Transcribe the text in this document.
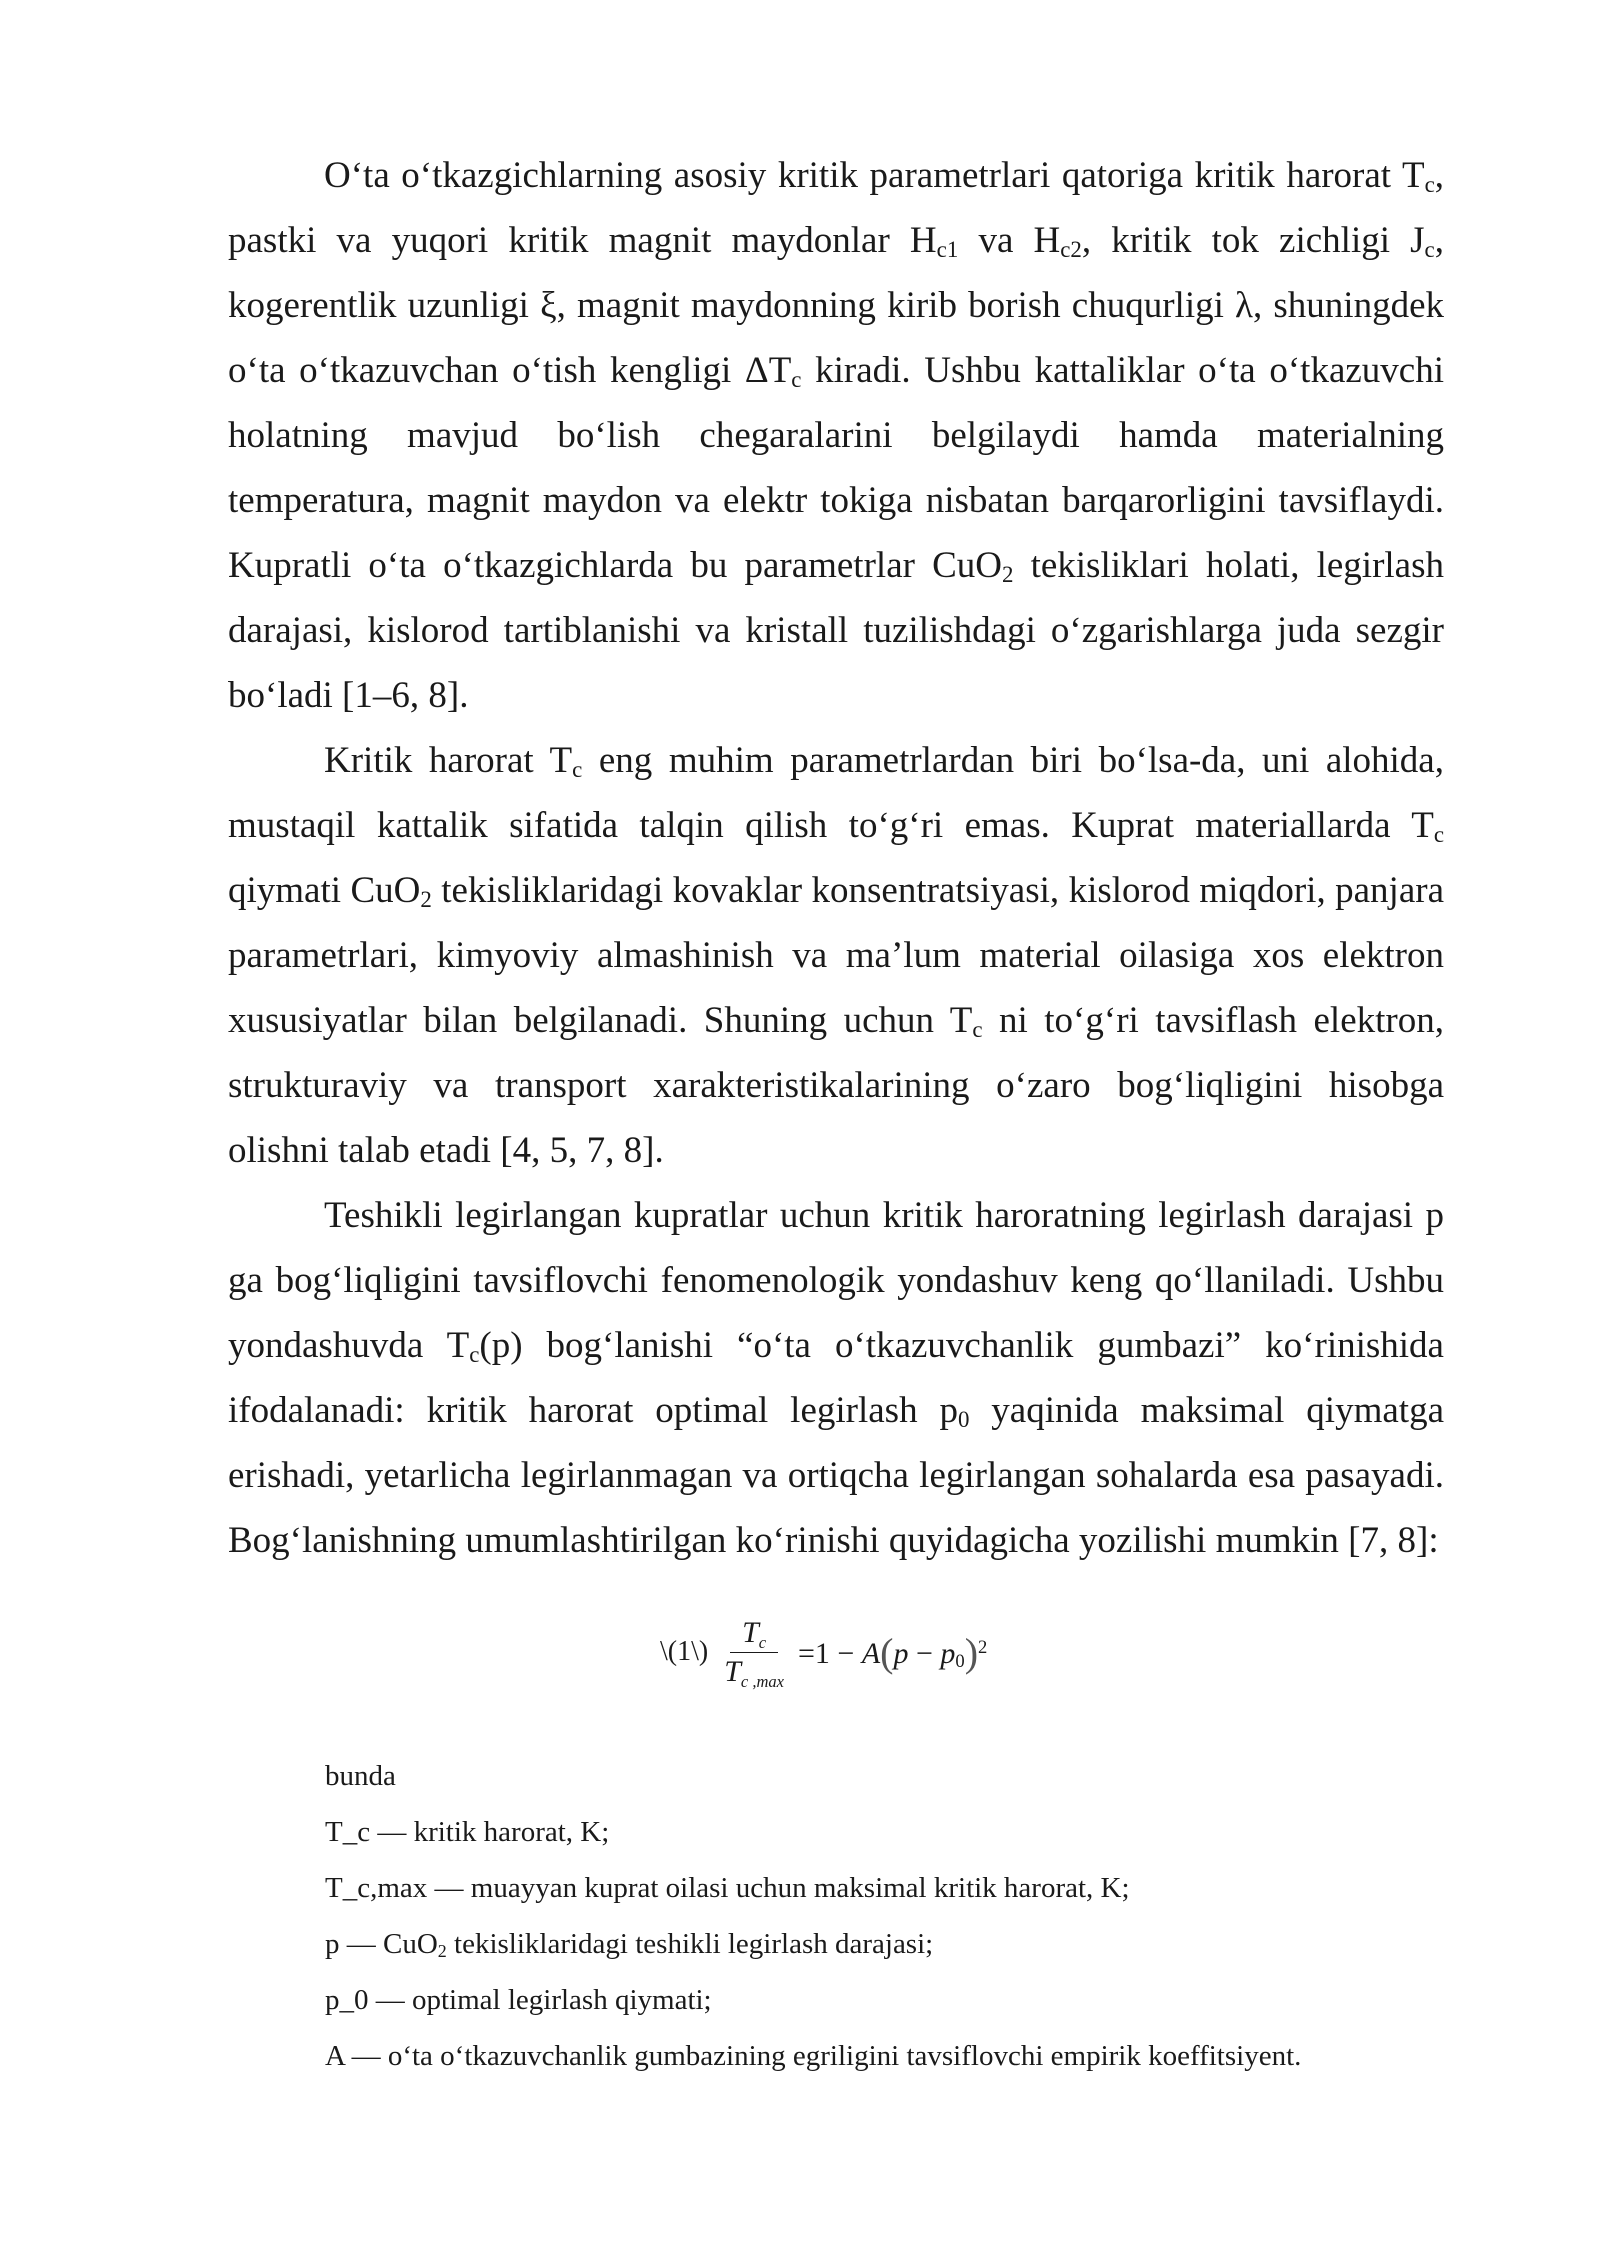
O‘ta o‘tkazgichlarning asosiy kritik parametrlari qatoriga kritik harorat $T_c$, pastki va yuqori kritik magnit maydonlar $H_{c1}$ va $H_{c2}$, kritik tok zichligi $J_c$, kogerentlik uzunligi ξ, magnit maydonning kirib borish chuqurligi λ, shuningdek o‘ta o‘tkazuvchan o‘tish kengligi $\Delta T_c$ kiradi. Ushbu kattaliklar o‘ta o‘tkazuvchi holatning mavjud bo‘lish chegaralarini belgilaydi hamda materialning temperatura, magnit maydon va elektr tokiga nisbatan barqarorligini tavsiflaydi. Kupratli o‘ta o‘tkazgichlarda bu parametrlar CuO$_2$ tekisliklari holati, legirlash darajasi, kislorod tartiblanishi va kristall tuzilishdagi o‘zgarishlarga juda sezgir bo‘ladi [1–6, 8].

Kritik harorat $T_c$ eng muhim parametrlardan biri bo‘lsa-da, uni alohida, mustaqil kattalik sifatida talqin qilish to‘g‘ri emas. Kuprat materiallarda $T_c$ qiymati CuO$_2$ tekisliklaridagi kovaklar konsentratsiyasi, kislorod miqdori, panjara parametrlari, kimyoviy almashinish va ma’lum material oilasiga xos elektron xususiyatlar bilan belgilanadi. Shuning uchun $T_c$ ni to‘g‘ri tavsiflash elektron, strukturaviy va transport xarakteristikalarining o‘zaro bog‘liqligini hisobga olishni talab etadi [4, 5, 7, 8].

Teshikli legirlangan kupratlar uchun kritik haroratning legirlash darajasi p ga bog‘liqligini tavsiflovchi fenomenologik yondashuv keng qo‘llaniladi. Ushbu yondashuvda $T_c(p)$ bog‘lanishi “o‘ta o‘tkazuvchanlik gumbazi” ko‘rinishida ifodalanadi: kritik harorat optimal legirlash $p_0$ yaqinida maksimal qiymatga erishadi, yetarlicha legirlanmagan va ortiqcha legirlangan sohalarda esa pasayadi. Bog‘lanishning umumlashtirilgan ko‘rinishi quyidagicha yozilishi mumkin [7, 8]:

\(1\) $\frac{T_c}{T_{c ,max}} =1 - A(p - p_0)^2$
bunda
T_c — kritik harorat, K;
T_c,max — muayyan kuprat oilasi uchun maksimal kritik harorat, K;
p — CuO$_2$ tekisliklaridagi teshikli legirlash darajasi;
p_0 — optimal legirlash qiymati;
A — o‘ta o‘tkazuvchanlik gumbazining egriligini tavsiflovchi empirik koeffitsiyent.
